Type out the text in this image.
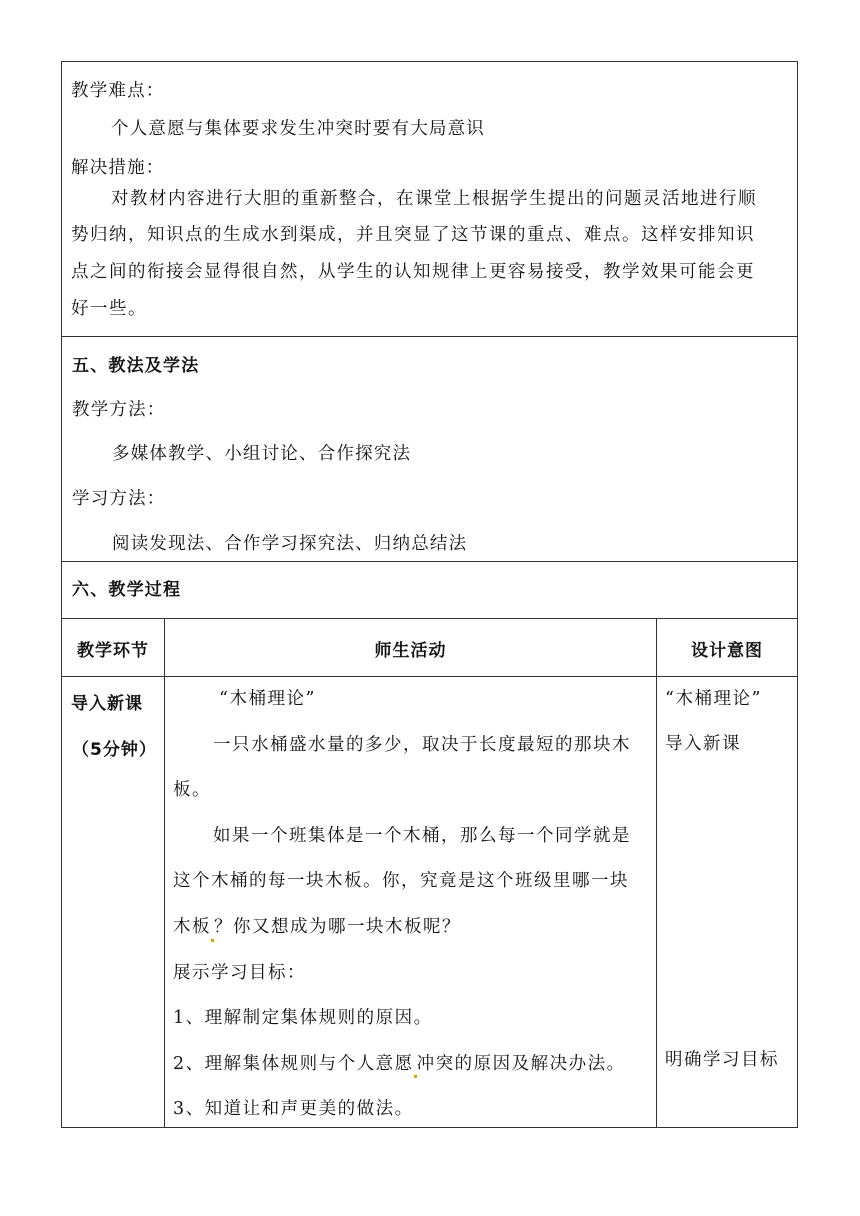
教学难点：
个人意愿与集体要求发生冲突时要有大局意识
解决措施：
对教材内容进行大胆的重新整合，在课堂上根据学生提出的问题灵活地进行顺
势归纳，知识点的生成水到渠成，并且突显了这节课的重点、难点。这样安排知识
点之间的衔接会显得很自然，从学生的认知规律上更容易接受，教学效果可能会更
好一些。
五、教法及学法
教学方法：
多媒体教学、小组讨论、合作探究法
学习方法：
阅读发现法、合作学习探究法、归纳总结法
六、教学过程
教学环节	师生活动	设计意图
导入新课
（5分钟）
“木桶理论”
一只水桶盛水量的多少，取决于长度最短的那块木
板。
如果一个班集体是一个木桶，那么每一个同学就是
这个木桶的每一块木板。你，究竟是这个班级里哪一块
木板 ？你又想成为哪一块木板呢？
展示学习目标：
1、理解制定集体规则的原因。
2、理解集体规则与个人意愿 冲突的原因及解决办法。
3、知道让和声更美的做法。
“木桶理论”
导入新课
明确学习目标
